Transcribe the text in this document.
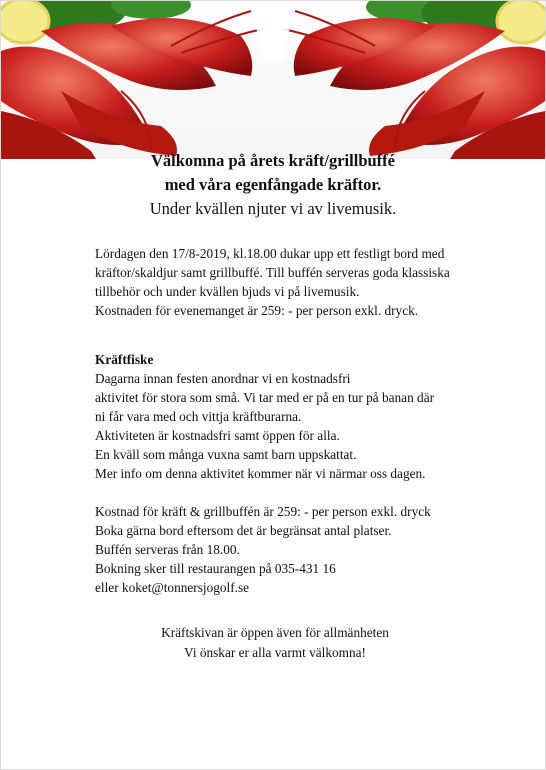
Välkomna på årets kräft/grillbuffé
med våra egenfångade kräftor.
Under kvällen njuter vi av livemusik.
Lördagen den 17/8-2019, kl.18.00 dukar upp ett festligt bord med
kräftor/skaldjur samt grillbuffé. Till buffén serveras goda klassiska
tillbehör och under kvällen bjuds vi på livemusik.
Kostnaden för evenemanget är 259: - per person exkl. dryck.
Kräftfiske
Dagarna innan festen anordnar vi en kostnadsfri
aktivitet för stora som små. Vi tar med er på en tur på banan där
ni får vara med och vittja kräftburarna.
Aktiviteten är kostnadsfri samt öppen för alla.
En kväll som många vuxna samt barn uppskattat.
Mer info om denna aktivitet kommer när vi närmar oss dagen.
Kostnad för kräft & grillbuffén är 259: - per person exkl. dryck
Boka gärna bord eftersom det är begränsat antal platser.
Buffén serveras från 18.00.
Bokning sker till restaurangen på 035-431 16
eller koket@tonnersjogolf.se
Kräftskivan är öppen även för allmänheten
Vi önskar er alla varmt välkomna!
